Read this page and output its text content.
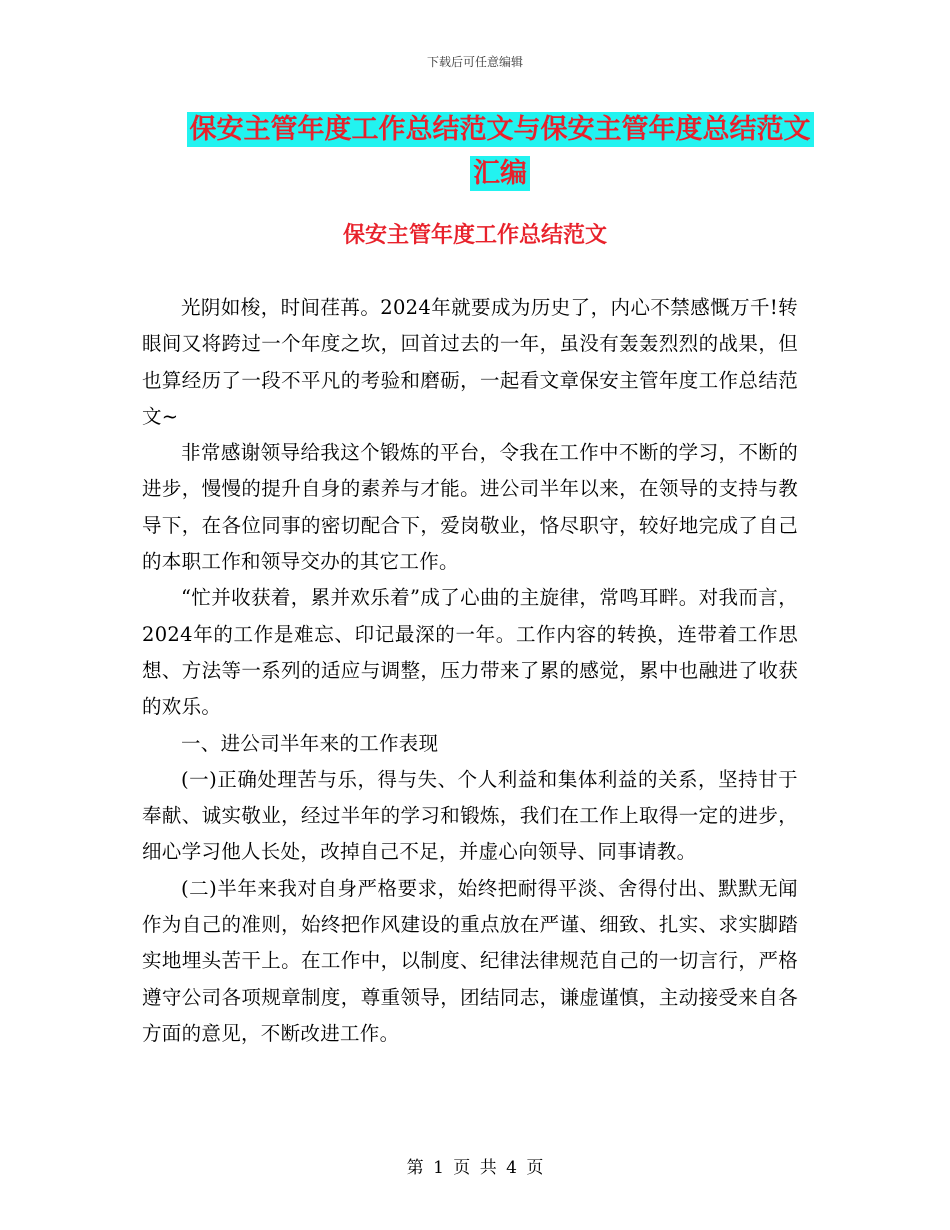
下载后可任意编辑
保安主管年度工作总结范文与保安主管年度总结范文
汇编
保安主管年度工作总结范文

光阴如梭，时间荏苒。2024年就要成为历史了，内心不禁感慨万千!转眼间又将跨过一个年度之坎，回首过去的一年，虽没有轰轰烈烈的战果，但也算经历了一段不平凡的考验和磨砺，一起看文章保安主管年度工作总结范文~

非常感谢领导给我这个锻炼的平台，令我在工作中不断的学习，不断的进步，慢慢的提升自身的素养与才能。进公司半年以来，在领导的支持与教导下，在各位同事的密切配合下，爱岗敬业，恪尽职守，较好地完成了自己的本职工作和领导交办的其它工作。

“忙并收获着，累并欢乐着”成了心曲的主旋律，常鸣耳畔。对我而言，2024年的工作是难忘、印记最深的一年。工作内容的转换，连带着工作思想、方法等一系列的适应与调整，压力带来了累的感觉，累中也融进了收获的欢乐。

一、进公司半年来的工作表现

(一)正确处理苦与乐，得与失、个人利益和集体利益的关系，坚持甘于奉献、诚实敬业，经过半年的学习和锻炼，我们在工作上取得一定的进步，细心学习他人长处，改掉自己不足，并虚心向领导、同事请教。

(二)半年来我对自身严格要求，始终把耐得平淡、舍得付出、默默无闻作为自己的准则，始终把作风建设的重点放在严谨、细致、扎实、求实脚踏实地埋头苦干上。在工作中，以制度、纪律法律规范自己的一切言行，严格遵守公司各项规章制度，尊重领导，团结同志，谦虚谨慎，主动接受来自各方面的意见，不断改进工作。

第 1 页 共 4 页
